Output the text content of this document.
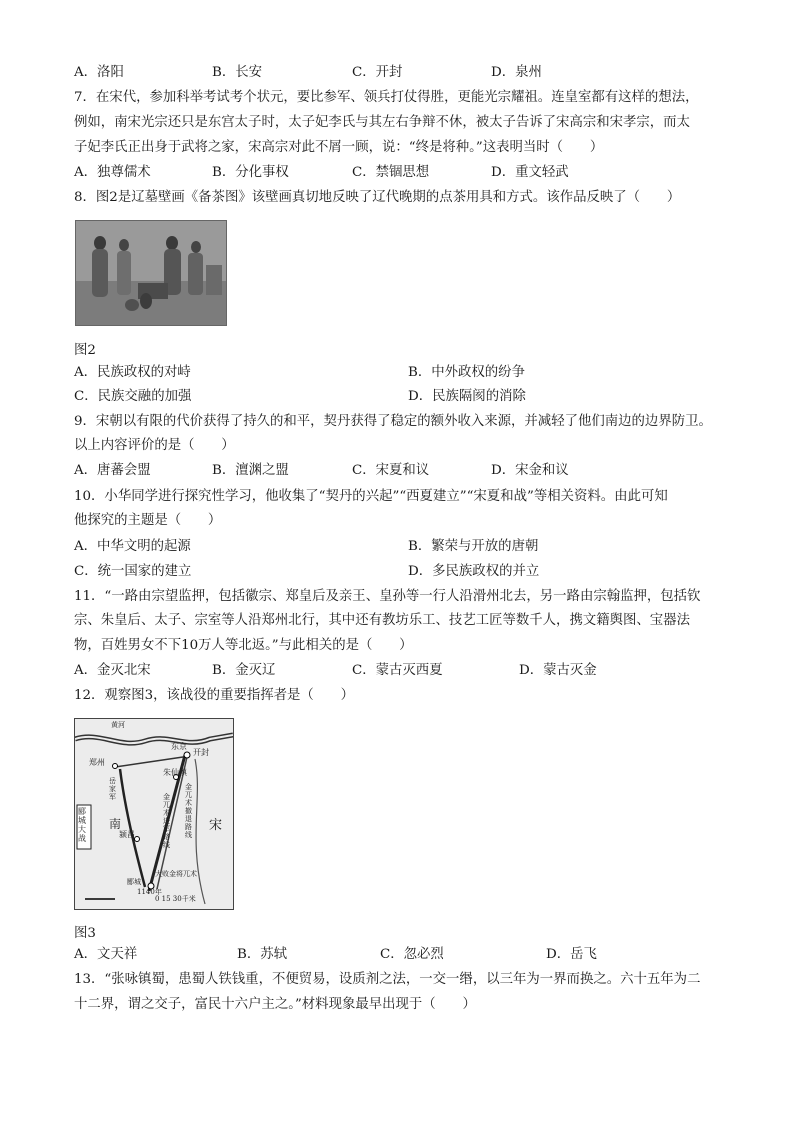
A．洛阳	B．长安	C．开封	D．泉州
7．在宋代，参加科举考试考个状元，要比参军、领兵打仗得胜，更能光宗耀祖。连皇室都有这样的想法，
例如，南宋光宗还只是东宫太子时，太子妃李氏与其左右争辩不休，被太子告诉了宋高宗和宋孝宗，而太
子妃李氏正出身于武将之家，宋高宗对此不屑一顾，说：“终是将种。”这表明当时（　　）
A．独尊儒术	B．分化事权	C．禁锢思想	D．重文轻武
8．图2是辽墓壁画《备茶图》该壁画真切地反映了辽代晚期的点茶用具和方式。该作品反映了（　　）
图2
A．民族政权的对峙	B．中外政权的纷争
C．民族交融的加强	D．民族隔阂的消除
9．宋朝以有限的代价获得了持久的和平，契丹获得了稳定的额外收入来源，并减轻了他们南边的边界防卫。
以上内容评价的是（　　）
A．唐蕃会盟	B．澶渊之盟	C．宋夏和议	D．宋金和议
10．小华同学进行探究性学习，他收集了“契丹的兴起”“西夏建立”“宋夏和战”等相关资料。由此可知
他探究的主题是（　　）
A．中华文明的起源	B．繁荣与开放的唐朝
C．统一国家的建立	D．多民族政权的并立
11．“一路由宗望监押，包括徽宗、郑皇后及亲王、皇孙等一行人沿滑州北去，另一路由宗翰监押，包括钦
宗、朱皇后、太子、宗室等人沿郑州北行，其中还有教坊乐工、技艺工匠等数千人，携文籍舆图、宝器法
物，百姓男女不下10万人等北返。”与此相关的是（　　）
A．金灭北宋	B．金灭辽	C．蒙古灭西夏	D．蒙古灭金
12．观察图3，该战役的重要指挥者是（　　）
黄河
开封
东京
朱仙镇
郑州
郾城大战	颍昌
南	宋
岳家军	金兀术进军路线
金兀术撤退路线
大败金将兀术
郾城
1140年
0 15 30千米
图3
A．文天祥	B．苏轼	C．忽必烈	D．岳飞
13．“张咏镇蜀，患蜀人铁钱重，不便贸易，设质剂之法，一交一缗，以三年为一界而换之。六十五年为二
十二界，谓之交子，富民十六户主之。”材料现象最早出现于（　　）
